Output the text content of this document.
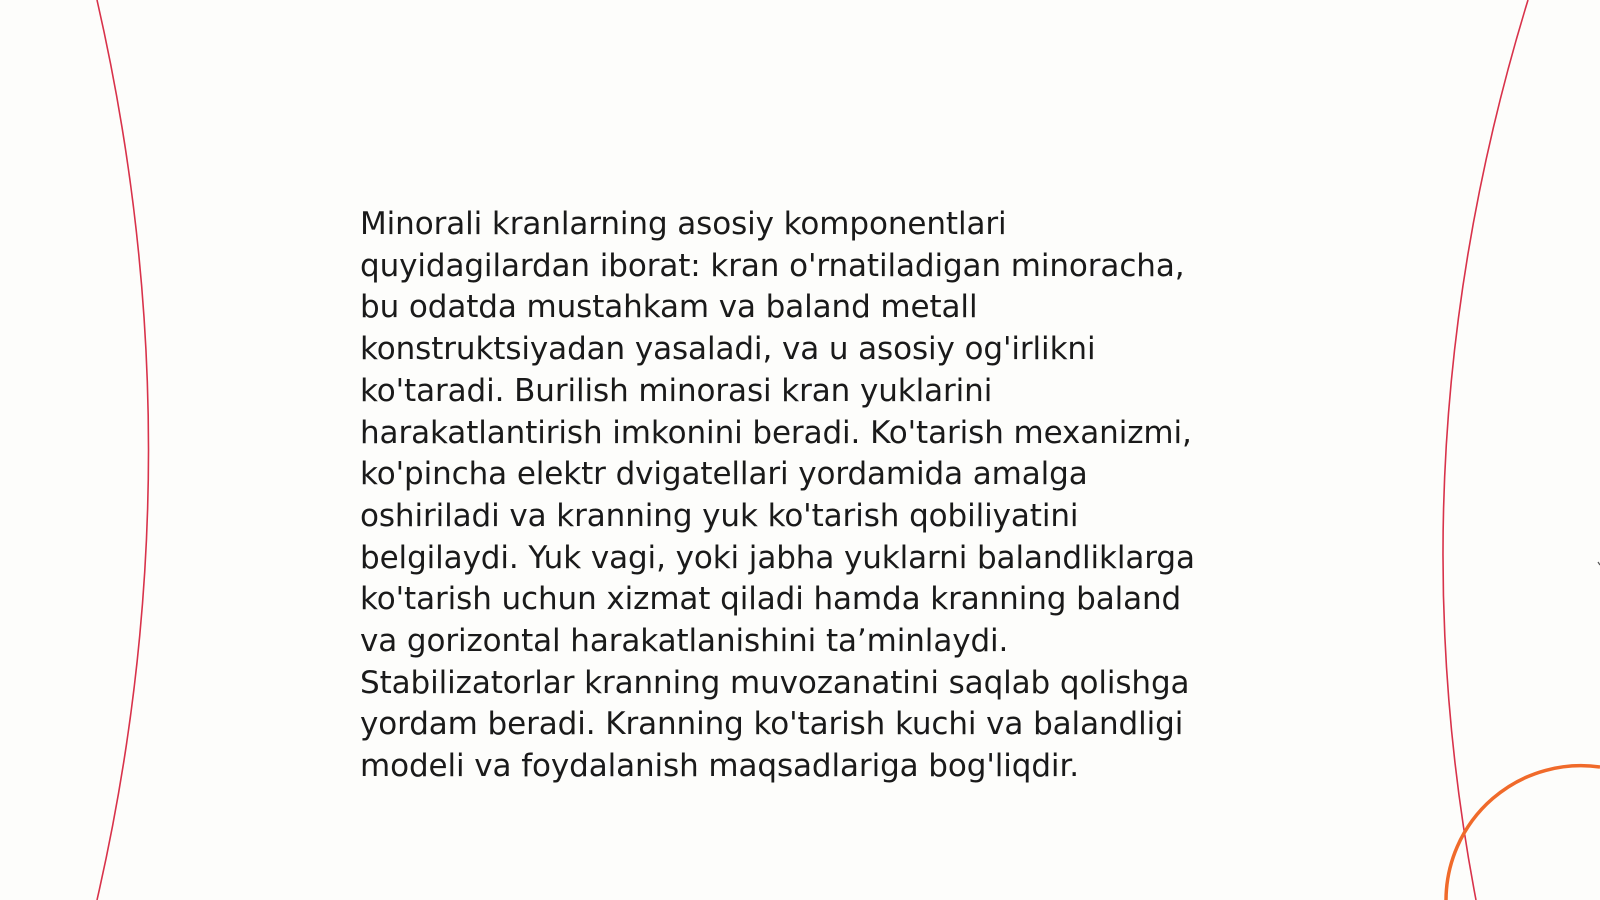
Minorali kranlarning asosiy komponentlari
quyidagilardan iborat: kran o'rnatiladigan minoracha,
bu odatda mustahkam va baland metall
konstruktsiyadan yasaladi, va u asosiy og'irlikni
ko'taradi. Burilish minorasi kran yuklarini
harakatlantirish imkonini beradi. Ko'tarish mexanizmi,
ko'pincha elektr dvigatellari yordamida amalga
oshiriladi va kranning yuk ko'tarish qobiliyatini
belgilaydi. Yuk vagi, yoki jabha yuklarni balandliklarga
ko'tarish uchun xizmat qiladi hamda kranning baland
va gorizontal harakatlanishini ta’minlaydi.
Stabilizatorlar kranning muvozanatini saqlab qolishga
yordam beradi. Kranning ko'tarish kuchi va balandligi
modeli va foydalanish maqsadlariga bog'liqdir.
